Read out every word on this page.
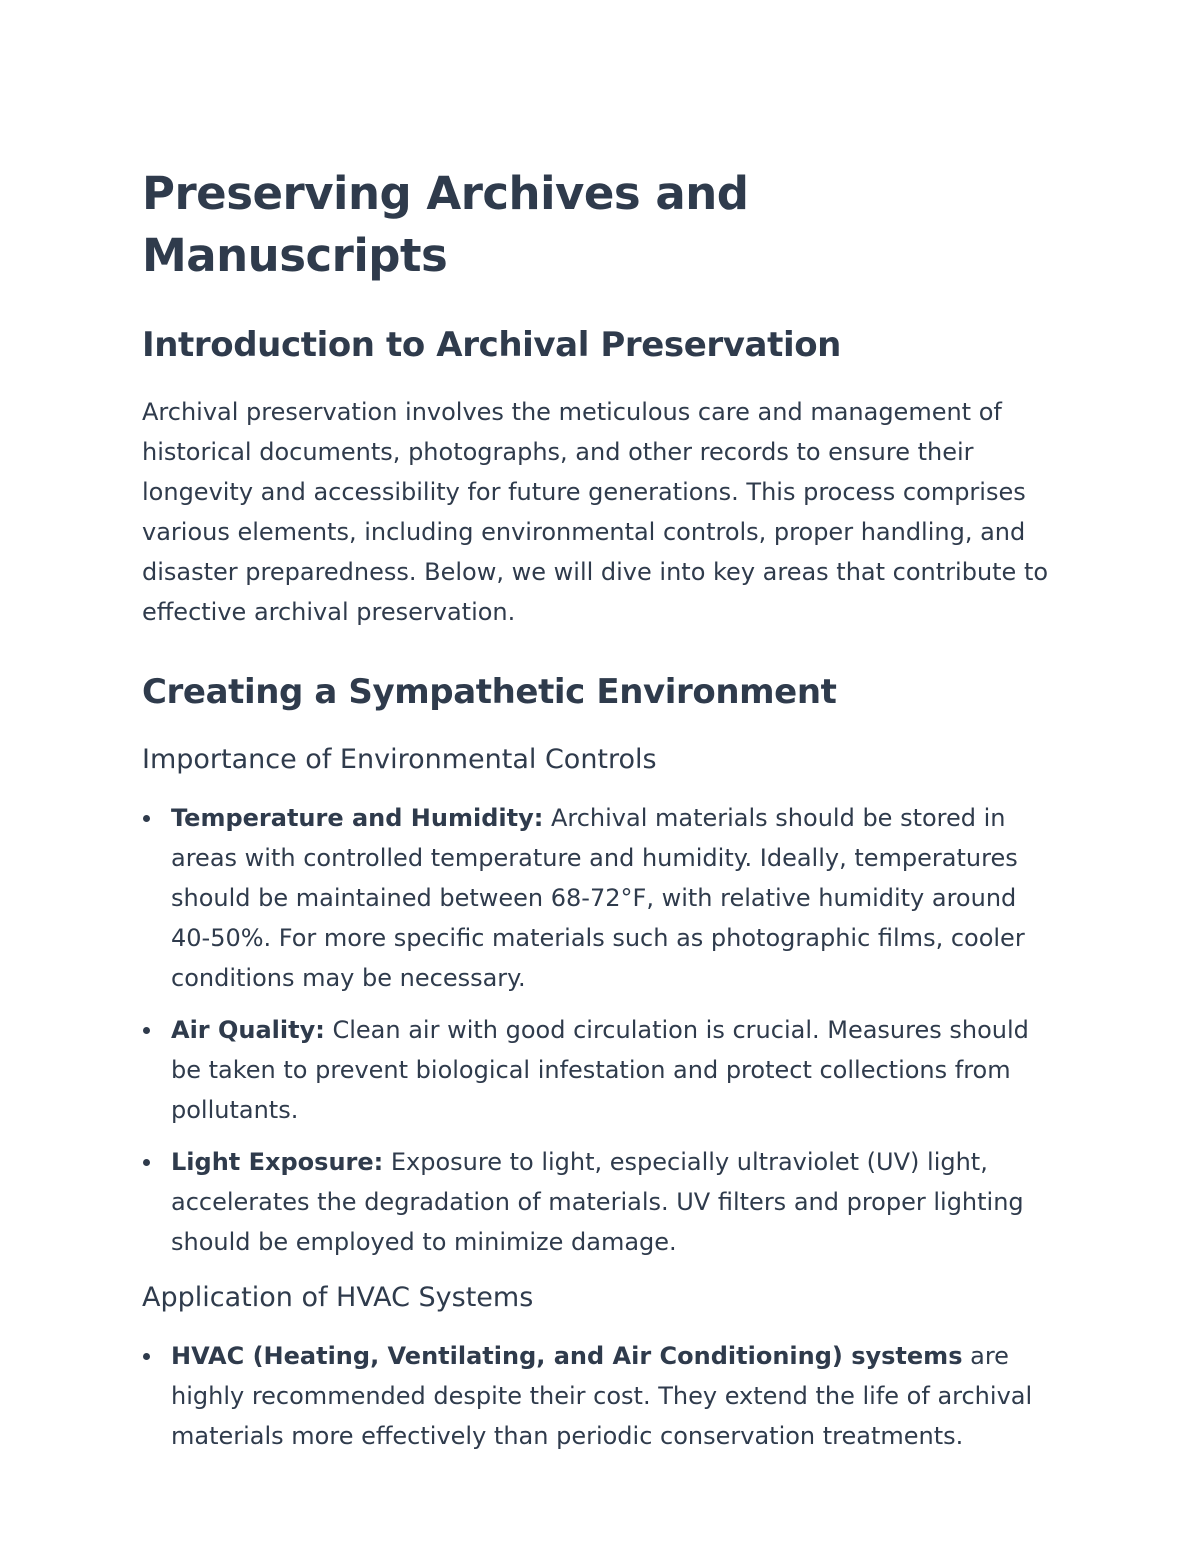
Preserving Archives and Manuscripts
Introduction to Archival Preservation

Archival preservation involves the meticulous care and management of historical documents, photographs, and other records to ensure their longevity and accessibility for future generations. This process comprises various elements, including environmental controls, proper handling, and disaster preparedness. Below, we will dive into key areas that contribute to effective archival preservation.

Creating a Sympathetic Environment
Importance of Environmental Controls
Temperature and Humidity: Archival materials should be stored in areas with controlled temperature and humidity. Ideally, temperatures should be maintained between 68-72°F, with relative humidity around 40-50%. For more specific materials such as photographic films, cooler conditions may be necessary.
Air Quality: Clean air with good circulation is crucial. Measures should be taken to prevent biological infestation and protect collections from pollutants.
Light Exposure: Exposure to light, especially ultraviolet (UV) light, accelerates the degradation of materials. UV filters and proper lighting should be employed to minimize damage.
Application of HVAC Systems
HVAC (Heating, Ventilating, and Air Conditioning) systems are highly recommended despite their cost. They extend the life of archival materials more effectively than periodic conservation treatments.
